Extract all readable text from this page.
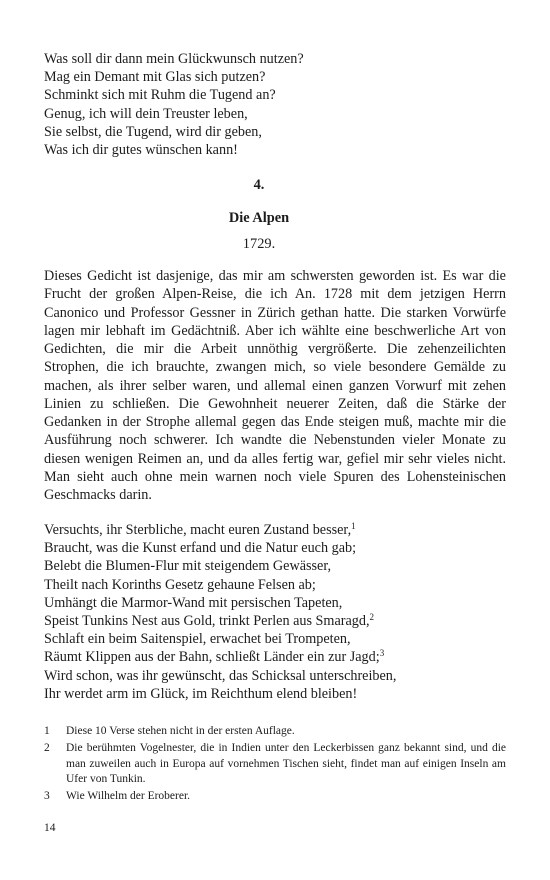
Was soll dir dann mein Glückwunsch nutzen?
Mag ein Demant mit Glas sich putzen?
Schminkt sich mit Ruhm die Tugend an?
Genug, ich will dein Treuster leben,
Sie selbst, die Tugend, wird dir geben,
Was ich dir gutes wünschen kann!
4.
Die Alpen
1729.
Dieses Gedicht ist dasjenige, das mir am schwersten geworden ist. Es war die Frucht der großen Alpen-Reise, die ich An. 1728 mit dem jetzigen Herrn Canonico und Professor Gessner in Zürich gethan hatte. Die starken Vorwürfe lagen mir lebhaft im Gedächtniß. Aber ich wählte eine beschwerliche Art von Gedichten, die mir die Arbeit unnöthig vergrößerte. Die zehenzeilichten Strophen, die ich brauchte, zwangen mich, so viele besondere Gemälde zu machen, als ihrer selber waren, und allemal einen ganzen Vorwurf mit zehen Linien zu schließen. Die Gewohnheit neuerer Zeiten, daß die Stärke der Gedanken in der Strophe allemal gegen das Ende steigen muß, machte mir die Ausführung noch schwerer. Ich wandte die Nebenstunden vieler Monate zu diesen wenigen Reimen an, und da alles fertig war, gefiel mir sehr vieles nicht. Man sieht auch ohne mein warnen noch viele Spuren des Lohensteinischen Geschmacks darin.
Versuchts, ihr Sterbliche, macht euren Zustand besser,$^1$
Braucht, was die Kunst erfand und die Natur euch gab;
Belebt die Blumen-Flur mit steigendem Gewässer,
Theilt nach Korinths Gesetz gehaune Felsen ab;
Umhängt die Marmor-Wand mit persischen Tapeten,
Speist Tunkins Nest aus Gold, trinkt Perlen aus Smaragd,$^2$
Schlaft ein beim Saitenspiel, erwachet bei Trompeten,
Räumt Klippen aus der Bahn, schließt Länder ein zur Jagd;$^3$
Wird schon, was ihr gewünscht, das Schicksal unterschreiben,
Ihr werdet arm im Glück, im Reichthum elend bleiben!
1	Diese 10 Verse stehen nicht in der ersten Auflage.
2	Die berühmten Vogelnester, die in Indien unter den Leckerbissen ganz bekannt sind, und die man zuweilen auch in Europa auf vornehmen Tischen sieht, findet man auf einigen Inseln am Ufer von Tunkin.
3	Wie Wilhelm der Eroberer.
14
